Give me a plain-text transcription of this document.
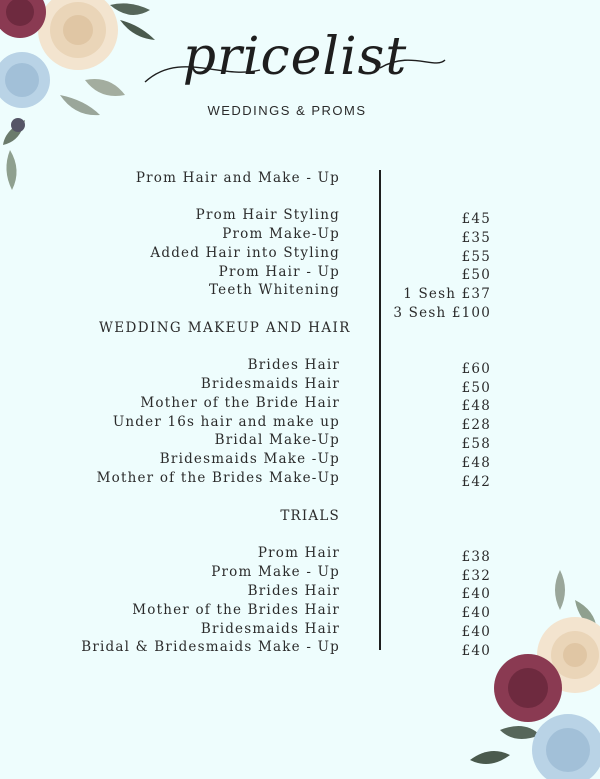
pricelist
WEDDINGS & PROMS
Prom Hair and Make - Up
Prom Hair Styling	£45
Prom Make-Up	£35
Added Hair into Styling	£55
Prom Hair - Up	£50
Teeth Whitening	1 Sesh £37
3 Sesh £100
WEDDING MAKEUP AND HAIR
Brides Hair	£60
Bridesmaids Hair	£50
Mother of the Bride Hair	£48
Under 16s hair and make up	£28
Bridal Make-Up	£58
Bridesmaids Make -Up	£48
Mother of the Brides Make-Up	£42
TRIALS
Prom Hair	£38
Prom Make - Up	£32
Brides Hair	£40
Mother of the Brides Hair	£40
Bridesmaids Hair	£40
Bridal & Bridesmaids Make - Up	£40
